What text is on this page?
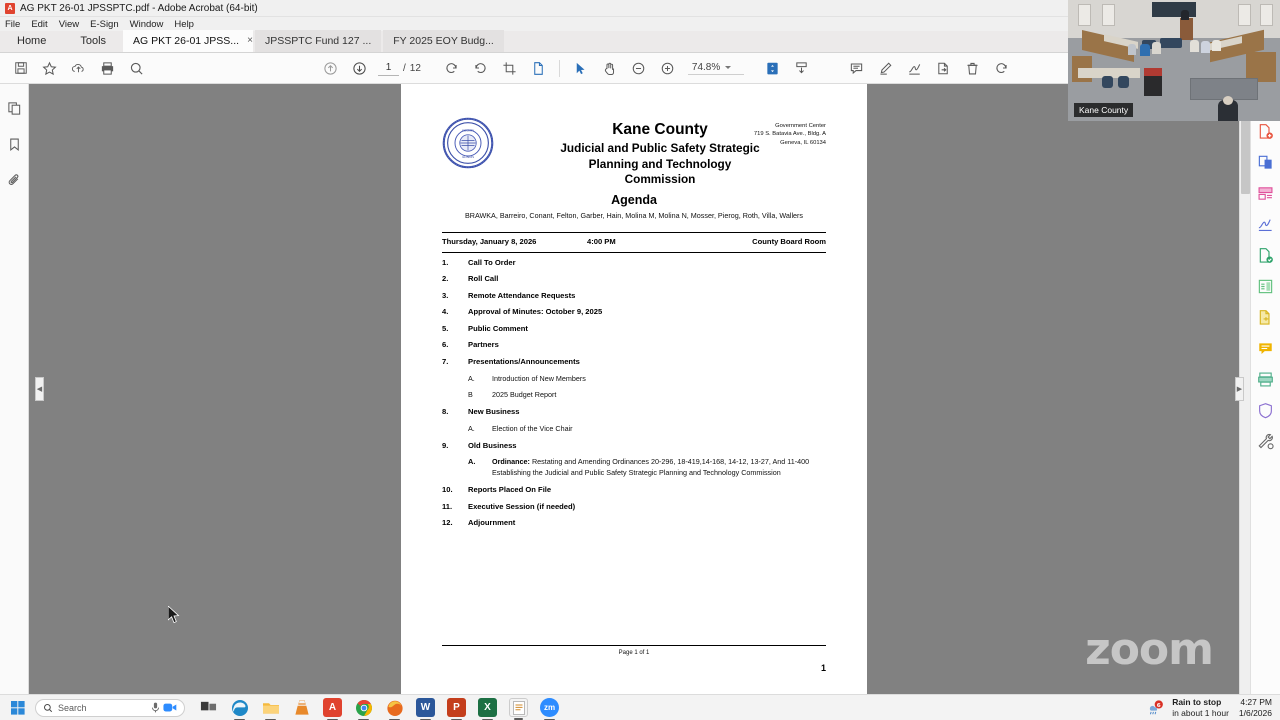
A
AG PKT 26-01 JPSSPTC.pdf - Adobe Acrobat (64-bit)
File	Edit	View	E-Sign	Window	Help
Home	Tools	AG PKT 26-01 JPSS... × JPSSPTC Fund 127 ... FY 2025 EOY Budg...
1
/ 12	74.8%
◀	▶
COUNTY
ILLINOIS
Kane County
Judicial and Public Safety Strategic
Planning and Technology
Commission
Government Center
719 S. Batavia Ave., Bldg. A
Geneva, IL 60134
Agenda
BRAWKA, Barreiro, Conant, Felton, Garber, Hain, Molina M, Molina N, Mosser, Pierog, Roth, Villa, Wallers
Thursday, January 8, 2026	4:00 PM	County Board Room
1.	Call To Order
2.	Roll Call
3.	Remote Attendance Requests
4.	Approval of Minutes: October 9, 2025
5.	Public Comment
6.	Partners
7.	Presentations/Announcements
A.	Introduction of New Members
B	2025 Budget Report
8.	New Business
A.	Election of the Vice Chair
9.	Old Business
A.	Ordinance: Restating and Amending Ordinances 20-296, 18-419,14-168, 14-12, 13-27, And 11-400 Establishing the Judicial and Public Safety Strategic Planning and Technology Commission
10.	Reports Placed On File
11.	Executive Session (if needed)
12.	Adjournment
Page 1 of 1
1	zoom
Kane County
Search	A	W	P	X	zm	6 Rain to stop
in about 1 hour
4:27 PM
1/6/2026
